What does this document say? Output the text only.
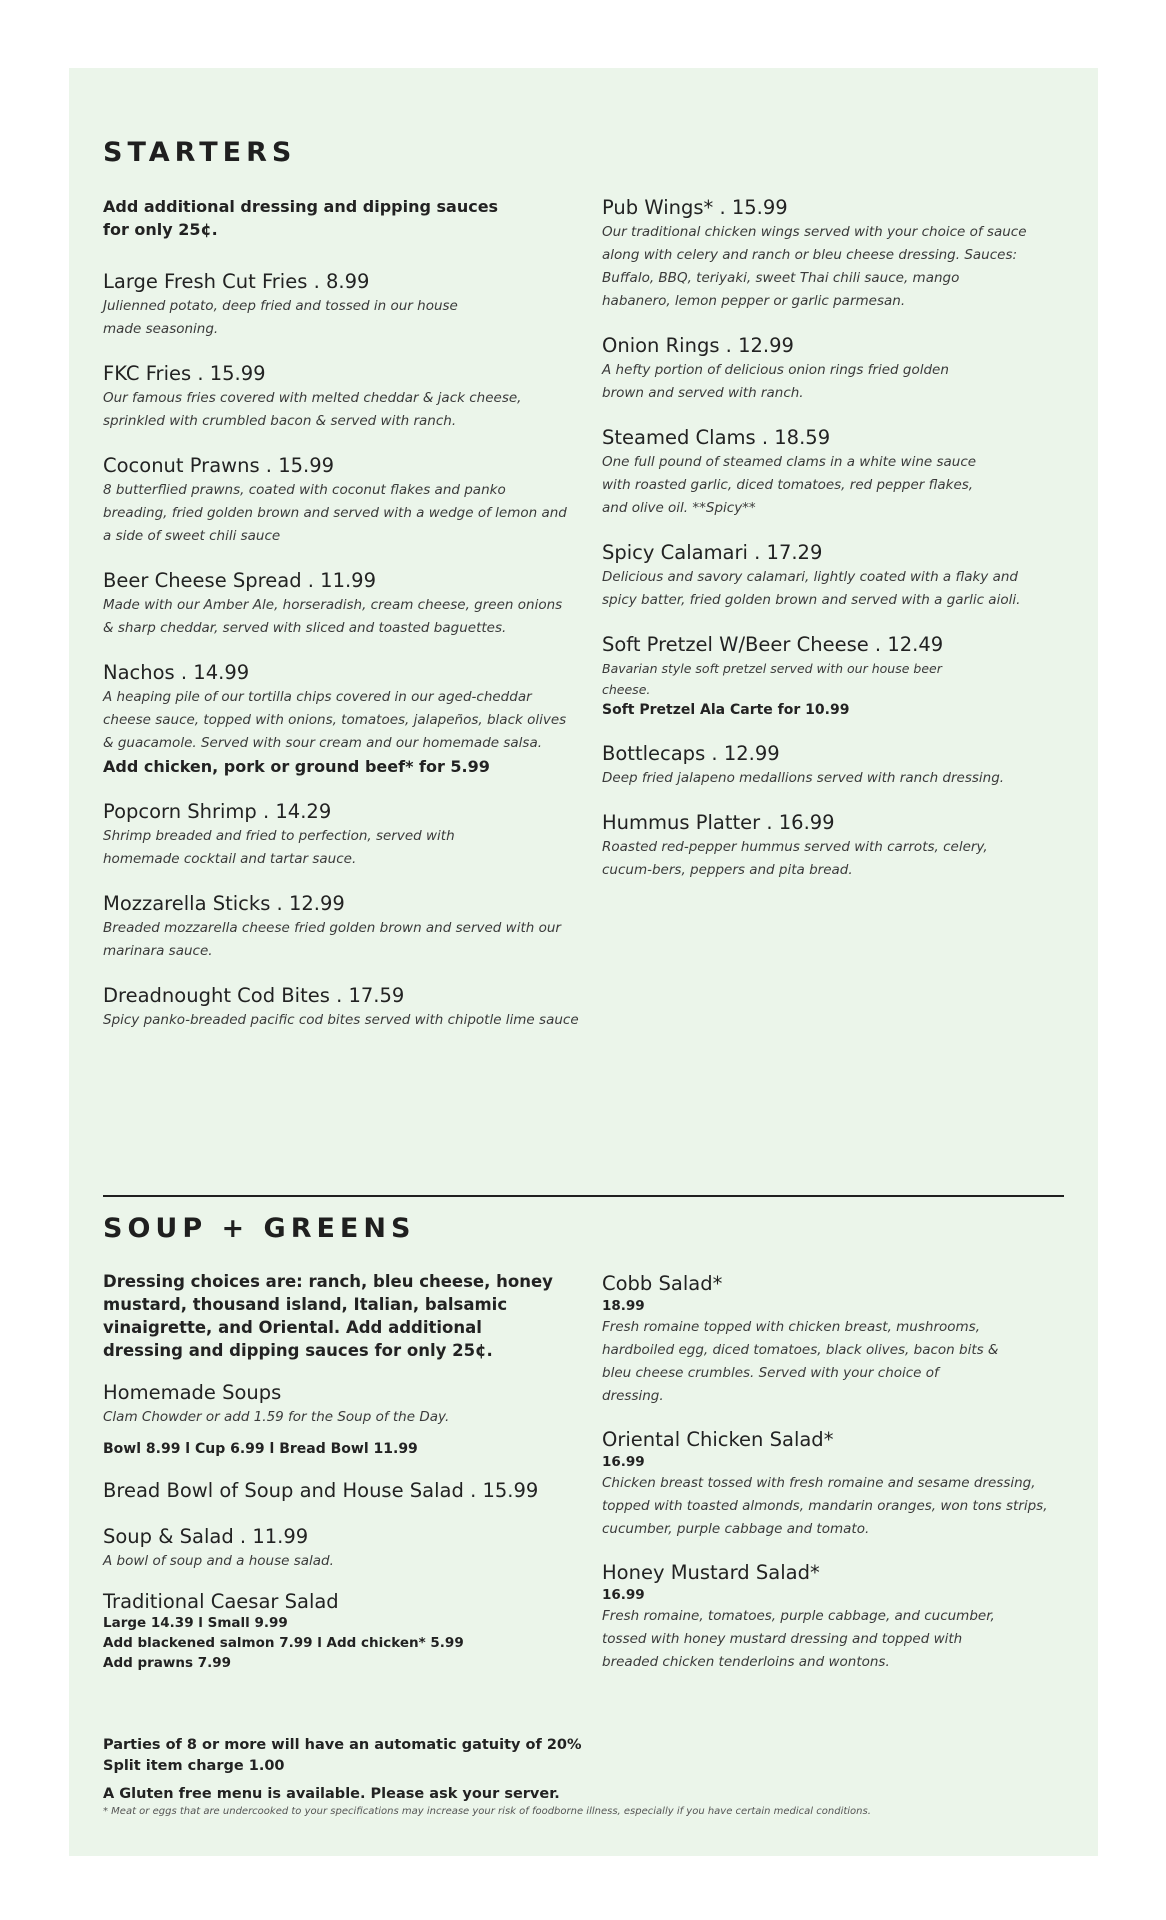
STARTERS
Add additional dressing and dipping sauces for only 25¢.
Large Fresh Cut Fries . 8.99
Julienned potato, deep fried and tossed in our house made seasoning.
FKC Fries . 15.99
Our famous fries covered with melted cheddar & jack cheese, sprinkled with crumbled bacon & served with ranch.
Coconut Prawns . 15.99
8 butterflied prawns, coated with coconut flakes and panko breading, fried golden brown and served with a wedge of lemon and a side of sweet chili sauce
Beer Cheese Spread . 11.99
Made with our Amber Ale, horseradish, cream cheese, green onions & sharp cheddar, served with sliced and toasted baguettes.
Nachos . 14.99
A heaping pile of our tortilla chips covered in our aged-cheddar cheese sauce, topped with onions, tomatoes, jalapeños, black olives & guacamole. Served with sour cream and our homemade salsa.
Add chicken, pork or ground beef* for 5.99
Popcorn Shrimp . 14.29
Shrimp breaded and fried to perfection, served with homemade cocktail and tartar sauce.
Mozzarella Sticks . 12.99
Breaded mozzarella cheese fried golden brown and served with our marinara sauce.
Dreadnought Cod Bites . 17.59
Spicy panko-breaded pacific cod bites served with chipotle lime sauce
Pub Wings* . 15.99
Our traditional chicken wings served with your choice of sauce along with celery and ranch or bleu cheese dressing. Sauces: Buffalo, BBQ, teriyaki, sweet Thai chili sauce, mango habanero, lemon pepper or garlic parmesan.
Onion Rings . 12.99
A hefty portion of delicious onion rings fried golden brown and served with ranch.
Steamed Clams . 18.59
One full pound of steamed clams in a white wine sauce with roasted garlic, diced tomatoes, red pepper flakes, and olive oil. **Spicy**
Spicy Calamari . 17.29
Delicious and savory calamari, lightly coated with a flaky and spicy batter, fried golden brown and served with a garlic aioli.
Soft Pretzel W/Beer Cheese . 12.49
Bavarian style soft pretzel served with our house beer cheese.
Soft Pretzel Ala Carte for 10.99
Bottlecaps . 12.99
Deep fried jalapeno medallions served with ranch dressing.
Hummus Platter . 16.99
Roasted red-pepper hummus served with carrots, celery, cucum-bers, peppers and pita bread.
SOUP + GREENS
Dressing choices are: ranch, bleu cheese, honey mustard, thousand island, Italian, balsamic vinaigrette, and Oriental. Add additional dressing and dipping sauces for only 25¢.
Homemade Soups
Clam Chowder or add 1.59 for the Soup of the Day.
Bowl 8.99 l Cup 6.99 l Bread Bowl 11.99
Bread Bowl of Soup and House Salad . 15.99
Soup & Salad . 11.99
A bowl of soup and a house salad.
Traditional Caesar Salad
Large 14.39 l Small 9.99
Add blackened salmon 7.99 l Add chicken* 5.99
Add prawns 7.99
Cobb Salad*
18.99
Fresh romaine topped with chicken breast, mushrooms, hardboiled egg, diced tomatoes, black olives, bacon bits & bleu cheese crumbles. Served with your choice of dressing.
Oriental Chicken Salad*
16.99
Chicken breast tossed with fresh romaine and sesame dressing, topped with toasted almonds, mandarin oranges, won tons strips, cucumber, purple cabbage and tomato.
Honey Mustard Salad*
16.99
Fresh romaine, tomatoes, purple cabbage, and cucumber, tossed with honey mustard dressing and topped with breaded chicken tenderloins and wontons.
Parties of 8 or more will have an automatic gatuity of 20%
Split item charge 1.00
A Gluten free menu is available. Please ask your server.
* Meat or eggs that are undercooked to your specifications may increase your risk of foodborne illness, especially if you have certain medical conditions.
